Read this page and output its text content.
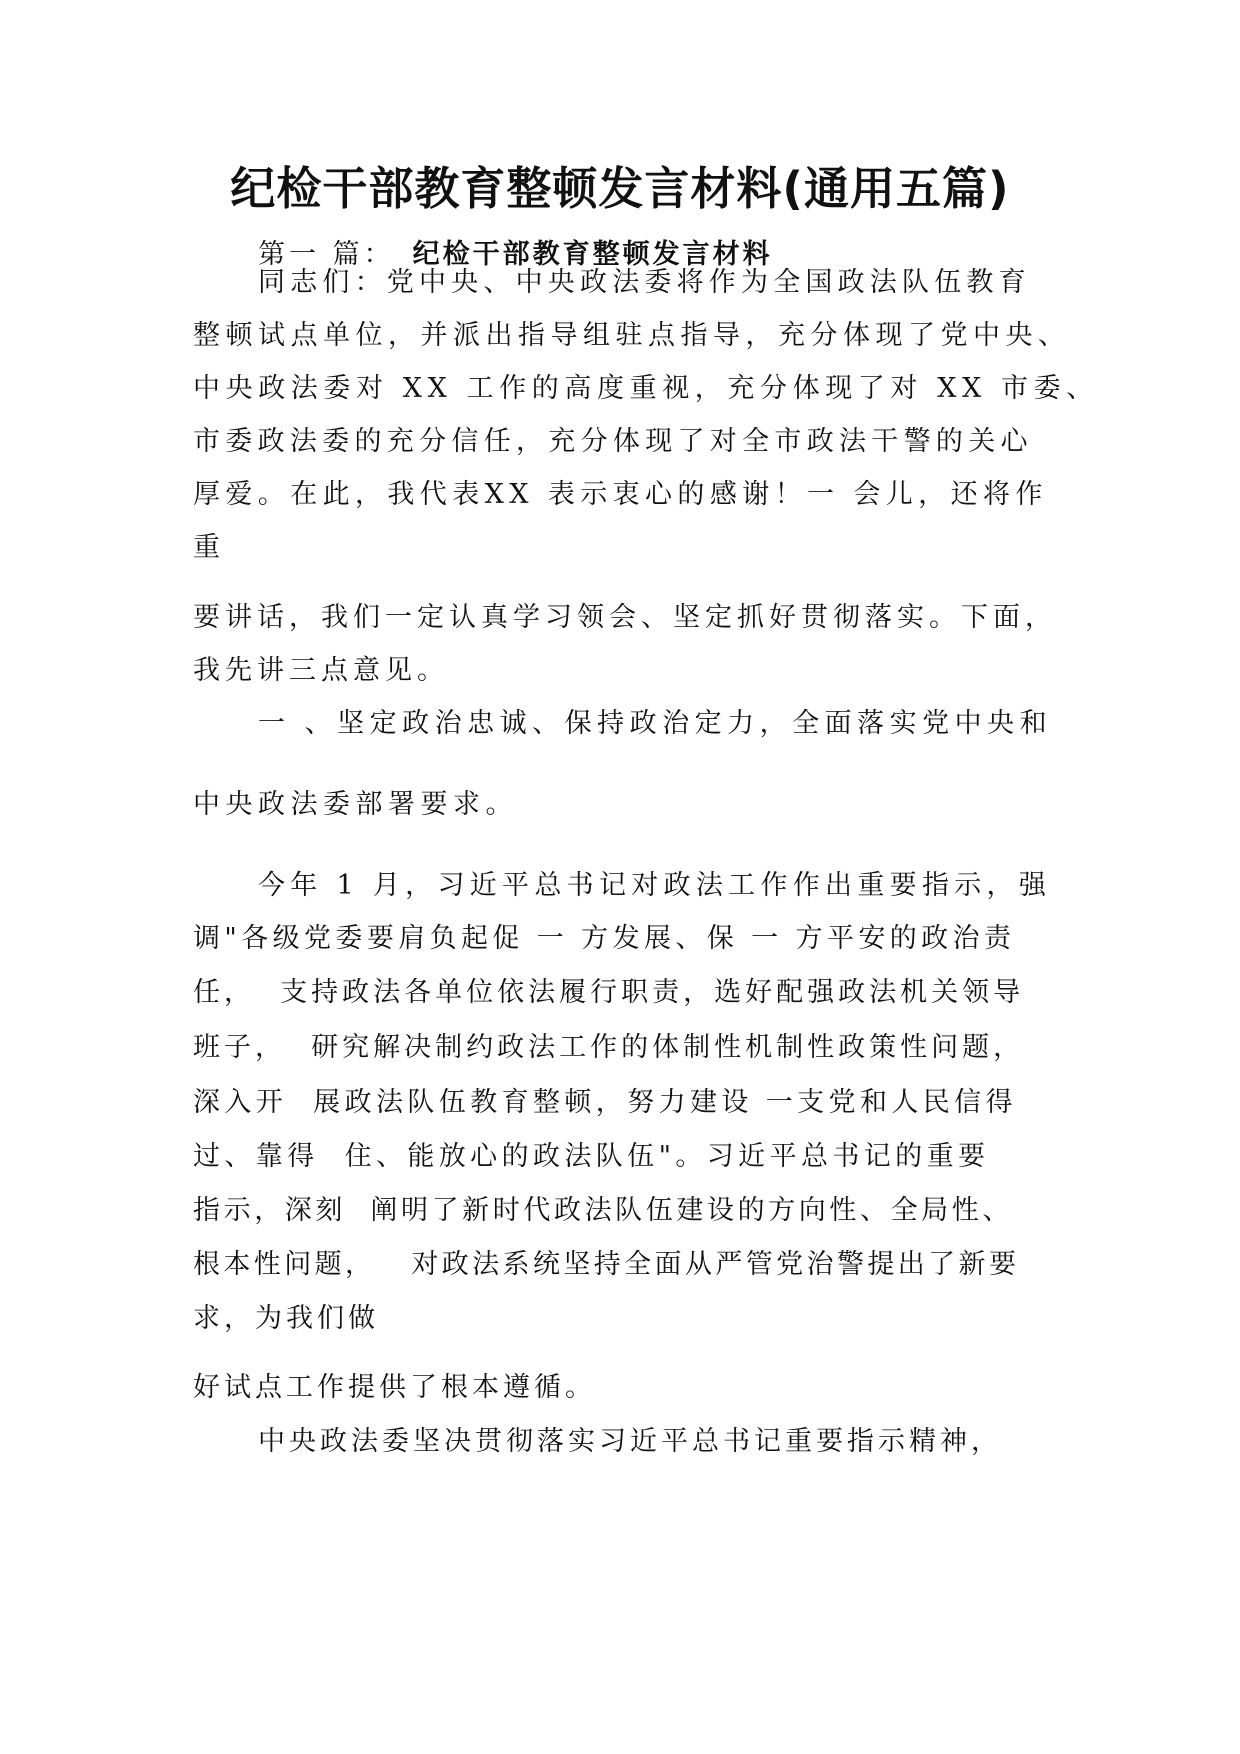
纪检干部教育整顿发言材料(通用五篇)
第一 篇： 纪检干部教育整顿发言材料
同志们：党中央、中央政法委将作为全国政法队伍教育
整顿试点单位，并派出指导组驻点指导，充分体现了党中央、
中央政法委对 XX 工作的高度重视，充分体现了对 XX 市委、
市委政法委的充分信任，充分体现了对全市政法干警的关心
厚爱。在此，我代表XX 表示衷心的感谢！一 会儿，还将作
重
要讲话，我们一定认真学习领会、坚定抓好贯彻落实。下面，
我先讲三点意见。
一 、坚定政治忠诚、保持政治定力，全面落实党中央和
中央政法委部署要求。
今年 1 月，习近平总书记对政法工作作出重要指示，强
调"各级党委要肩负起促 一 方发展、保 一 方平安的政治责
任，  支持政法各单位依法履行职责，选好配强政法机关领导
班子，  研究解决制约政法工作的体制性机制性政策性问题，
深入开  展政法队伍教育整顿，努力建设 一支党和人民信得
过、靠得  住、能放心的政法队伍"。习近平总书记的重要
指示，深刻  阐明了新时代政法队伍建设的方向性、全局性、
根本性问题，   对政法系统坚持全面从严管党治警提出了新要
求，为我们做
好试点工作提供了根本遵循。
中央政法委坚决贯彻落实习近平总书记重要指示精神，
